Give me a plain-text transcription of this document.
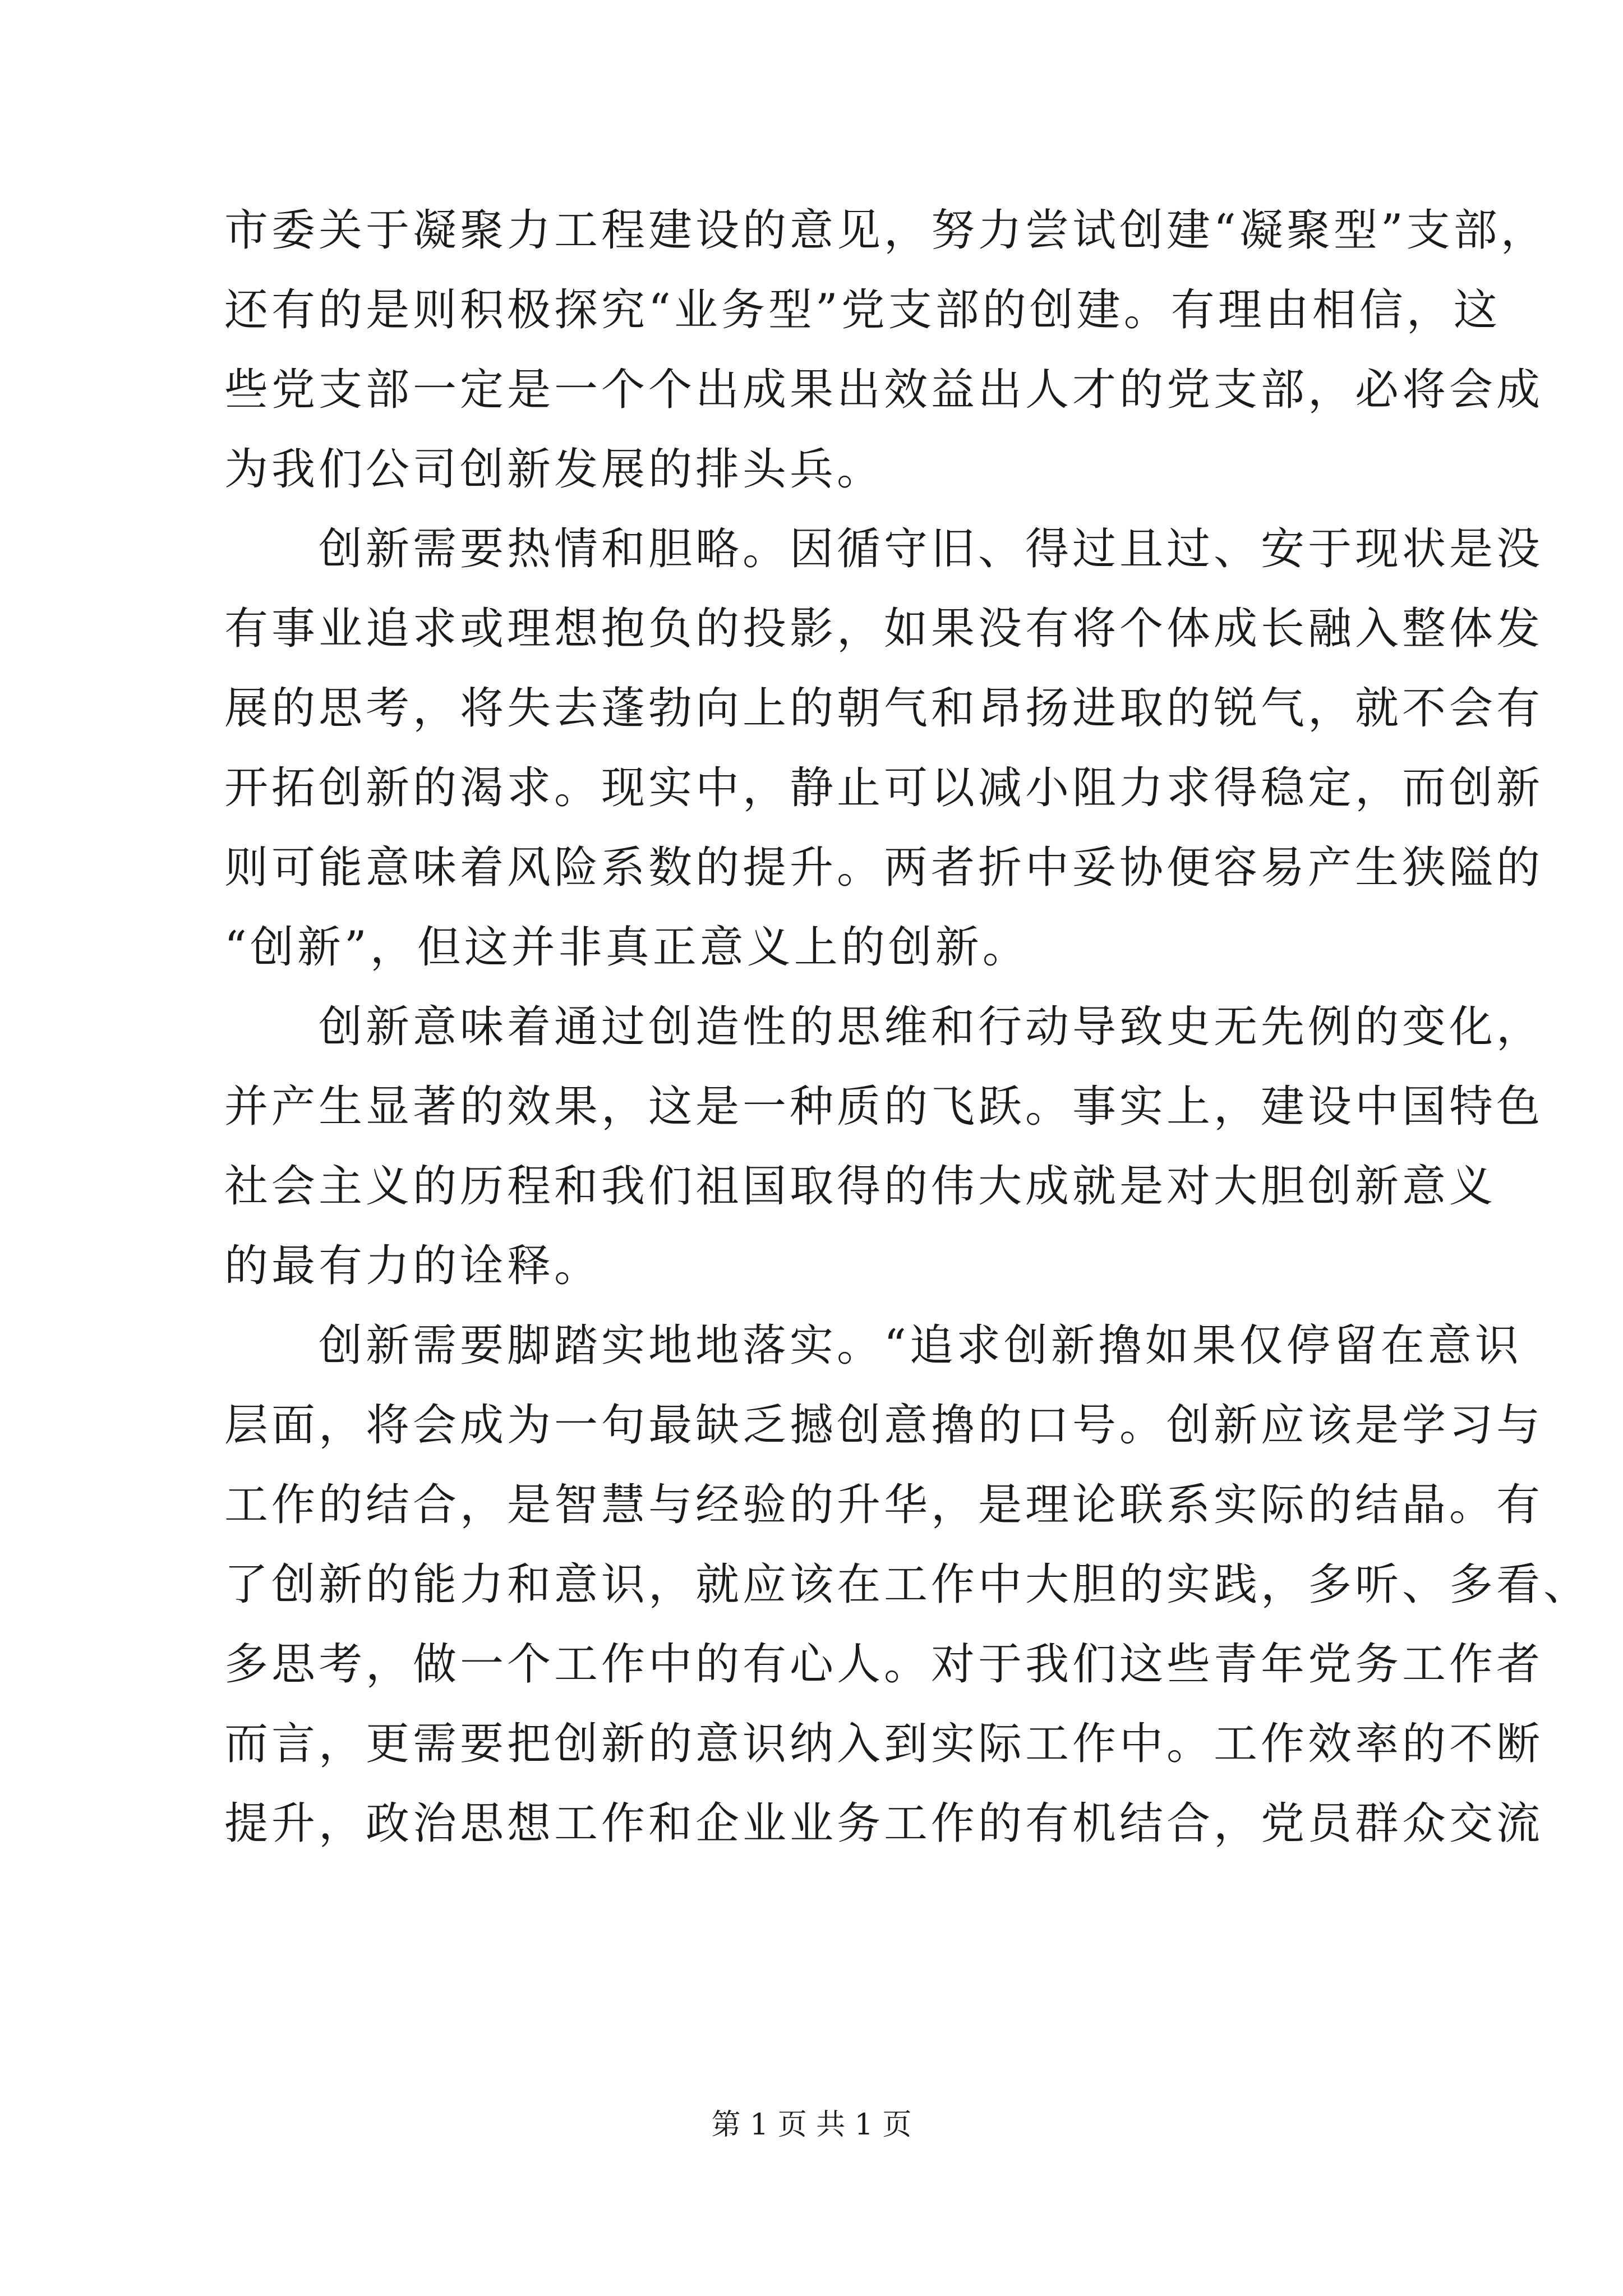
市委关于凝聚力工程建设的意见，努力尝试创建“凝聚型”支部，
还有的是则积极探究“业务型”党支部的创建。有理由相信，这
些党支部一定是一个个出成果出效益出人才的党支部，必将会成
为我们公司创新发展的排头兵。
　　创新需要热情和胆略。因循守旧、得过且过、安于现状是没
有事业追求或理想抱负的投影，如果没有将个体成长融入整体发
展的思考，将失去蓬勃向上的朝气和昂扬进取的锐气，就不会有
开拓创新的渴求。现实中，静止可以减小阻力求得稳定，而创新
则可能意味着风险系数的提升。两者折中妥协便容易产生狭隘的
“创新”，但这并非真正意义上的创新。
　　创新意味着通过创造性的思维和行动导致史无先例的变化，
并产生显著的效果，这是一种质的飞跃。事实上，建设中国特色
社会主义的历程和我们祖国取得的伟大成就是对大胆创新意义
的最有力的诠释。
　　创新需要脚踏实地地落实。“追求创新擼如果仅停留在意识
层面，将会成为一句最缺乏撼创意擼的口号。创新应该是学习与
工作的结合，是智慧与经验的升华，是理论联系实际的结晶。有
了创新的能力和意识，就应该在工作中大胆的实践，多听、多看、
多思考，做一个工作中的有心人。对于我们这些青年党务工作者
而言，更需要把创新的意识纳入到实际工作中。工作效率的不断
提升，政治思想工作和企业业务工作的有机结合，党员群众交流
第 1 页 共 1 页
